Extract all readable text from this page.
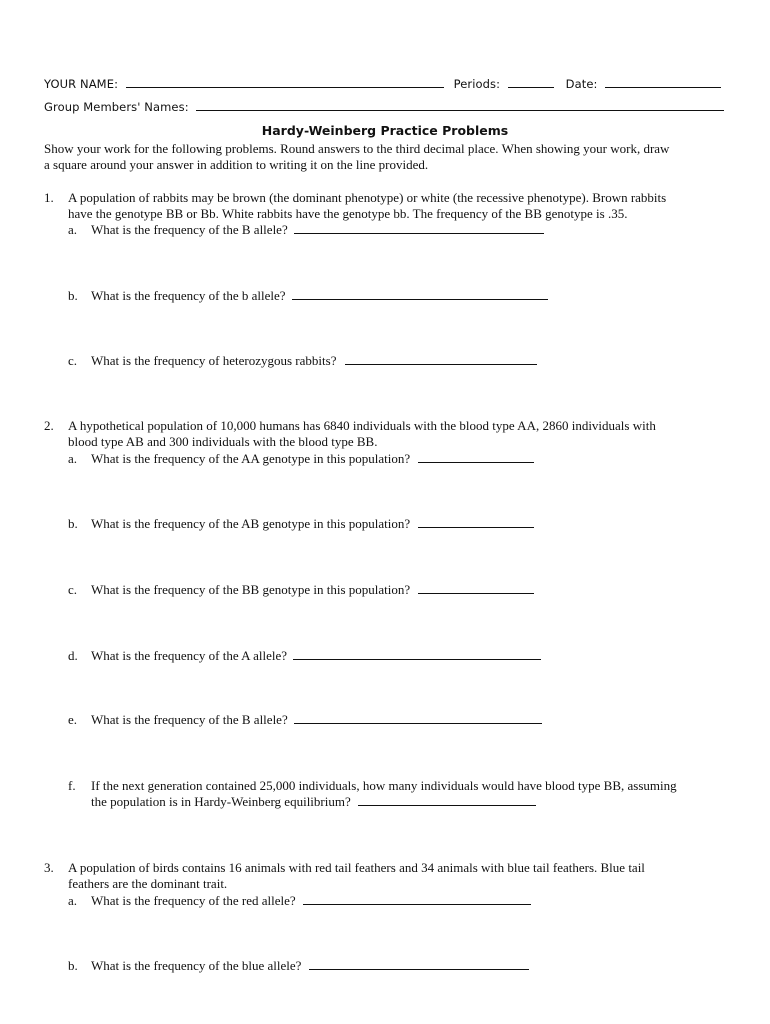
YOUR NAME:	Periods:	Date:
Group Members' Names:
Hardy-Weinberg Practice Problems
Show your work for the following problems. Round answers to the third decimal place. When showing your work, draw
a square around your answer in addition to writing it on the line provided.
1.	A population of rabbits may be brown (the dominant phenotype) or white (the recessive phenotype). Brown rabbits
have the genotype BB or Bb. White rabbits have the genotype bb. The frequency of the BB genotype is .35.
a.	What is the frequency of the B allele?
b.	What is the frequency of the b allele?
c.	What is the frequency of heterozygous rabbits?
2.	A hypothetical population of 10,000 humans has 6840 individuals with the blood type AA, 2860 individuals with
blood type AB and 300 individuals with the blood type BB.
a.	What is the frequency of the AA genotype in this population?
b.	What is the frequency of the AB genotype in this population?
c.	What is the frequency of the BB genotype in this population?
d.	What is the frequency of the A allele?
e.	What is the frequency of the B allele?
f.	If the next generation contained 25,000 individuals, how many individuals would have blood type BB, assuming
the population is in Hardy-Weinberg equilibrium?
3.	A population of birds contains 16 animals with red tail feathers and 34 animals with blue tail feathers. Blue tail
feathers are the dominant trait.
a.	What is the frequency of the red allele?
b.	What is the frequency of the blue allele?
